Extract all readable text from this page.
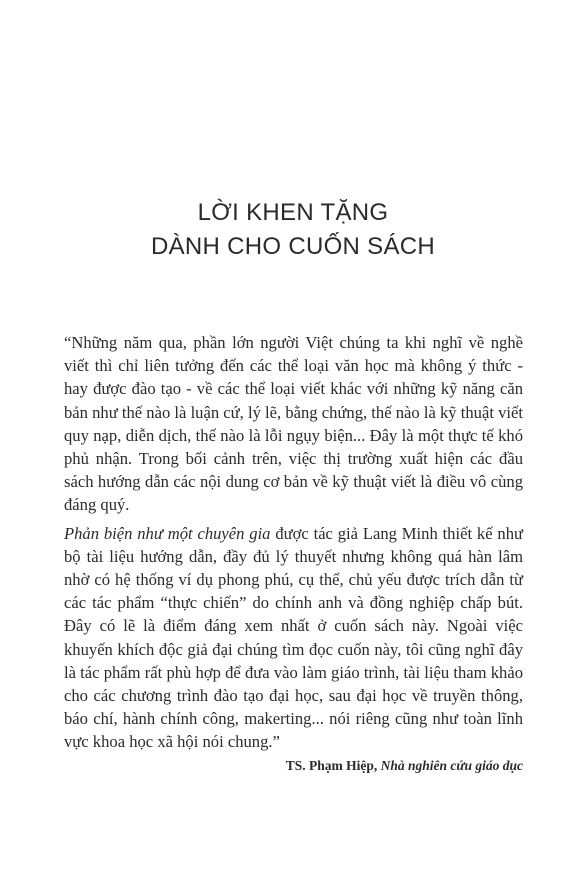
LỜI KHEN TẶNG
DÀNH CHO CUỐN SÁCH

“Những năm qua, phần lớn người Việt chúng ta khi nghĩ về nghề viết thì chỉ liên tưởng đến các thể loại văn học mà không ý thức - hay được đào tạo - về các thể loại viết khác với những kỹ năng căn bản như thế nào là luận cứ, lý lẽ, bằng chứng, thế nào là kỹ thuật viết quy nạp, diễn dịch, thế nào là lỗi ngụy biện... Đây là một thực tế khó phủ nhận. Trong bối cảnh trên, việc thị trường xuất hiện các đầu sách hướng dẫn các nội dung cơ bản về kỹ thuật viết là điều vô cùng đáng quý.

Phản biện như một chuyên gia được tác giả Lang Minh thiết kế như bộ tài liệu hướng dẫn, đầy đủ lý thuyết nhưng không quá hàn lâm nhờ có hệ thống ví dụ phong phú, cụ thể, chủ yếu được trích dẫn từ các tác phẩm “thực chiến” do chính anh và đồng nghiệp chấp bút. Đây có lẽ là điểm đáng xem nhất ở cuốn sách này. Ngoài việc khuyến khích độc giả đại chúng tìm đọc cuốn này, tôi cũng nghĩ đây là tác phẩm rất phù hợp để đưa vào làm giáo trình, tài liệu tham khảo cho các chương trình đào tạo đại học, sau đại học về truyền thông, báo chí, hành chính công, makerting... nói riêng cũng như toàn lĩnh vực khoa học xã hội nói chung.”

TS. Phạm Hiệp, Nhà nghiên cứu giáo dục
